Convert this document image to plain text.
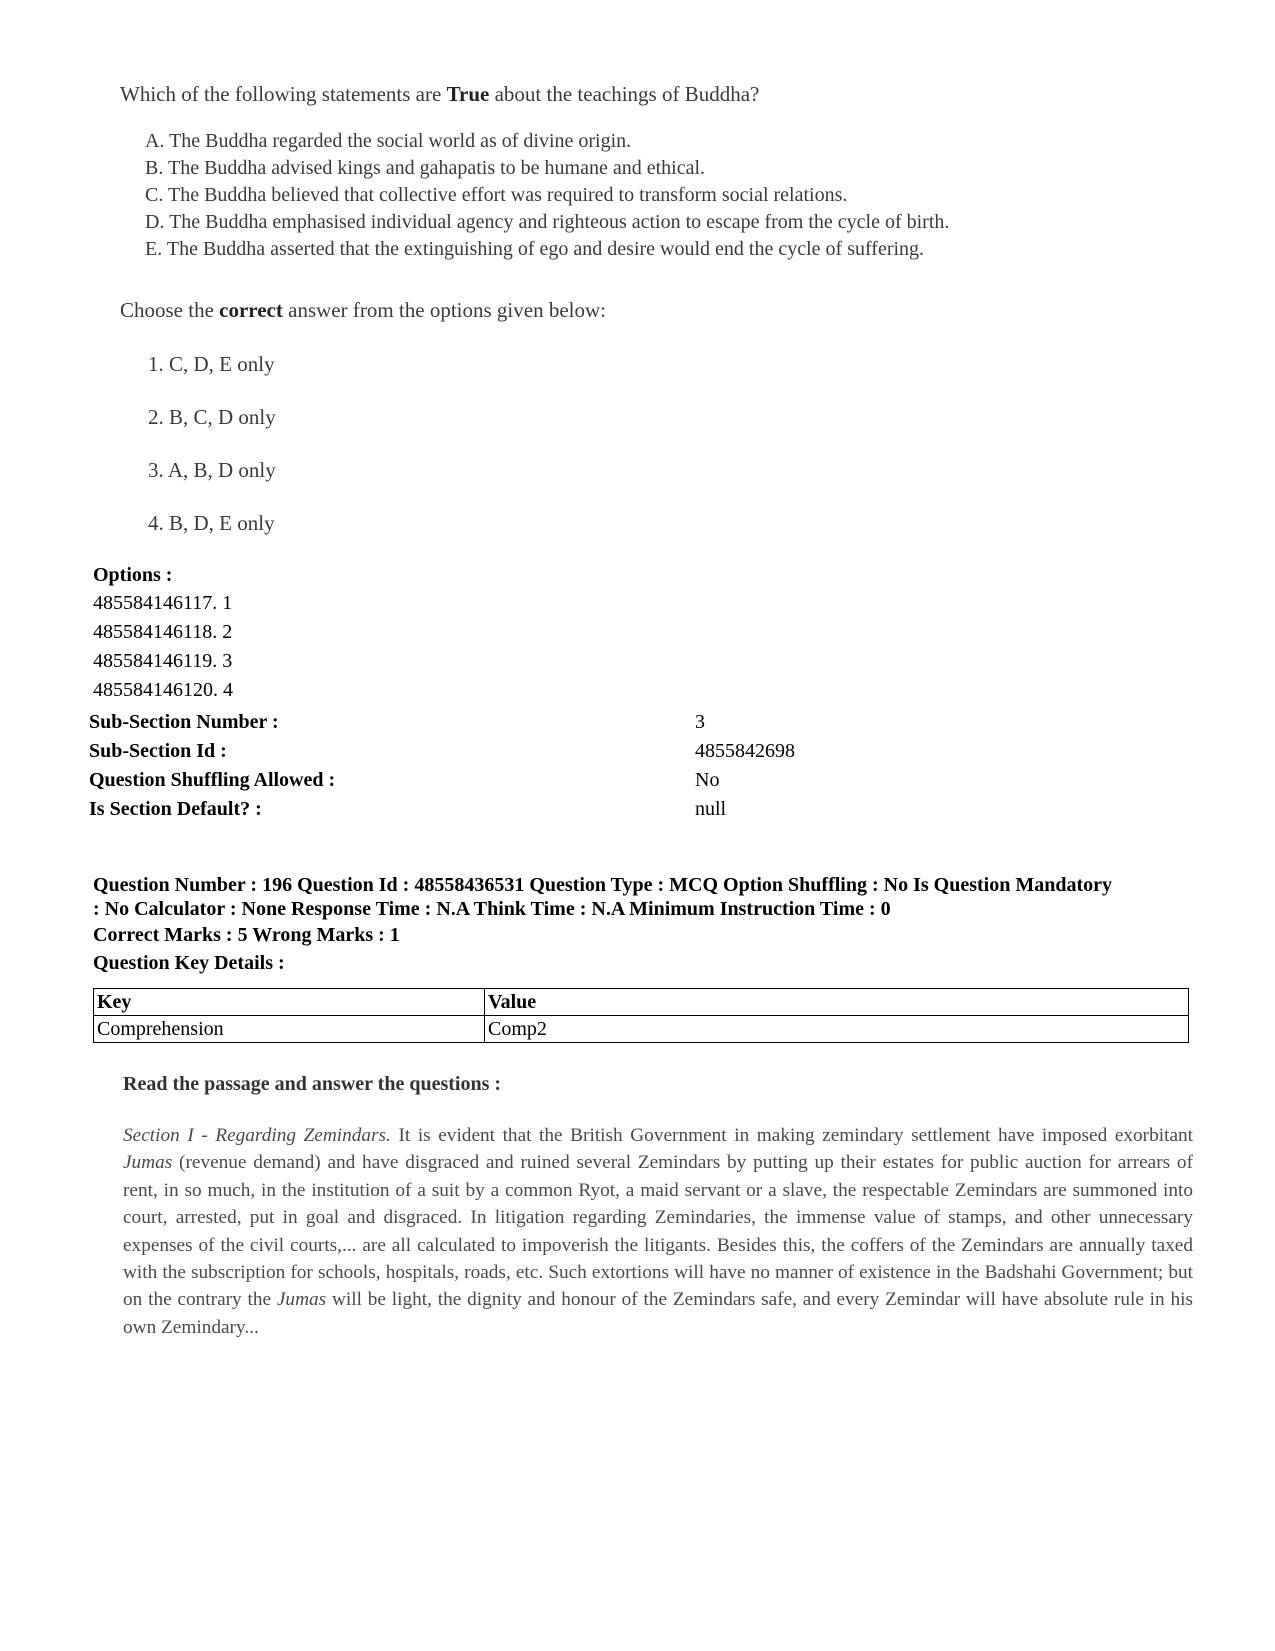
Which of the following statements are True about the teachings of Buddha?
A. The Buddha regarded the social world as of divine origin.
B. The Buddha advised kings and gahapatis to be humane and ethical.
C. The Buddha believed that collective effort was required to transform social relations.
D. The Buddha emphasised individual agency and righteous action to escape from the cycle of birth.
E. The Buddha asserted that the extinguishing of ego and desire would end the cycle of suffering.
Choose the correct answer from the options given below:
1. C, D, E only
2. B, C, D only
3. A, B, D only
4. B, D, E only
Options :
485584146117. 1
485584146118. 2
485584146119. 3
485584146120. 4
Sub-Section Number :	3
Sub-Section Id :	4855842698
Question Shuffling Allowed :	No
Is Section Default? :	null
Question Number : 196 Question Id : 48558436531 Question Type : MCQ Option Shuffling : No Is Question Mandatory
: No Calculator : None Response Time : N.A Think Time : N.A Minimum Instruction Time : 0
Correct Marks : 5 Wrong Marks : 1
Question Key Details :
Key	Value
Comprehension	Comp2
Read the passage and answer the questions :
Section I - Regarding Zemindars. It is evident that the British Government in making zemindary settlement have imposed exorbitant Jumas (revenue demand) and have disgraced and ruined several Zemindars by putting up their estates for public auction for arrears of rent, in so much, in the institution of a suit by a common Ryot, a maid servant or a slave, the respectable Zemindars are summoned into court, arrested, put in goal and disgraced. In litigation regarding Zemindaries, the immense value of stamps, and other unnecessary expenses of the civil courts,... are all calculated to impoverish the litigants. Besides this, the coffers of the Zemindars are annually taxed with the subscription for schools, hospitals, roads, etc. Such extortions will have no manner of existence in the Badshahi Government; but on the contrary the Jumas will be light, the dignity and honour of the Zemindars safe, and every Zemindar will have absolute rule in his own Zemindary...
